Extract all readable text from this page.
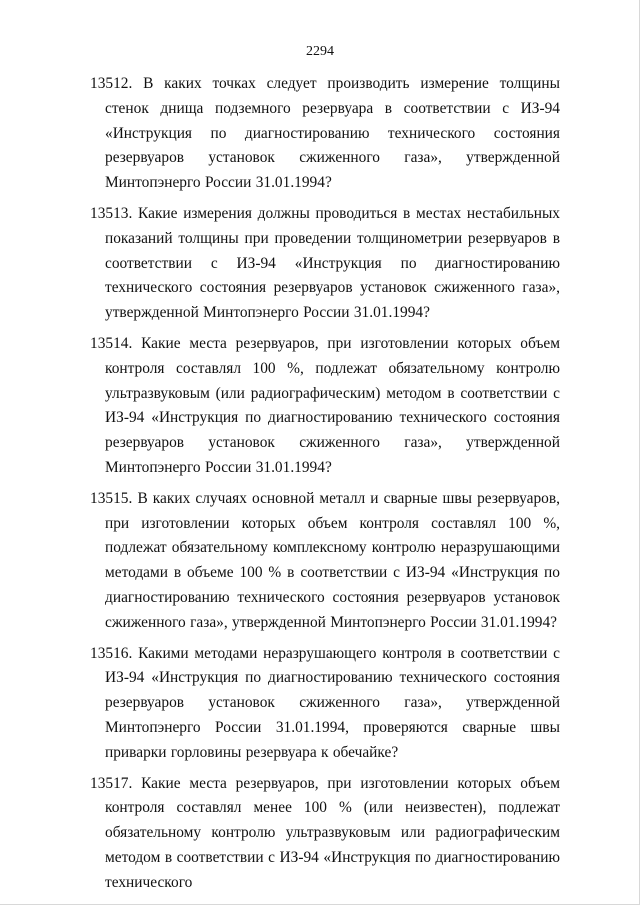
2294

13512. В каких точках следует производить измерение толщины стенок днища подземного резервуара в соответствии с ИЗ-94 «Инструкция по диагностированию технического состояния резервуаров установок сжиженного газа», утвержденной Минтопэнерго России 31.01.1994?

13513. Какие измерения должны проводиться в местах нестабильных показаний толщины при проведении толщинометрии резервуаров в соответствии с ИЗ-94 «Инструкция по диагностированию технического состояния резервуаров установок сжиженного газа», утвержденной Минтопэнерго России 31.01.1994?

13514. Какие места резервуаров, при изготовлении которых объем контроля составлял 100 %, подлежат обязательному контролю ультразвуковым (или радиографическим) методом в соответствии с ИЗ-94 «Инструкция по диагностированию технического состояния резервуаров установок сжиженного газа», утвержденной Минтопэнерго России 31.01.1994?

13515. В каких случаях основной металл и сварные швы резервуаров, при изготовлении которых объем контроля составлял 100 %, подлежат обязательному комплексному контролю неразрушающими методами в объеме 100 % в соответствии с ИЗ-94 «Инструкция по диагностированию технического состояния резервуаров установок сжиженного газа», утвержденной Минтопэнерго России 31.01.1994?

13516. Какими методами неразрушающего контроля в соответствии с ИЗ-94 «Инструкция по диагностированию технического состояния резервуаров установок сжиженного газа», утвержденной Минтопэнерго России 31.01.1994, проверяются сварные швы приварки горловины резервуара к обечайке?

13517. Какие места резервуаров, при изготовлении которых объем контроля составлял менее 100 % (или неизвестен), подлежат обязательному контролю ультразвуковым или радиографическим методом в соответствии с ИЗ-94 «Инструкция по диагностированию технического
